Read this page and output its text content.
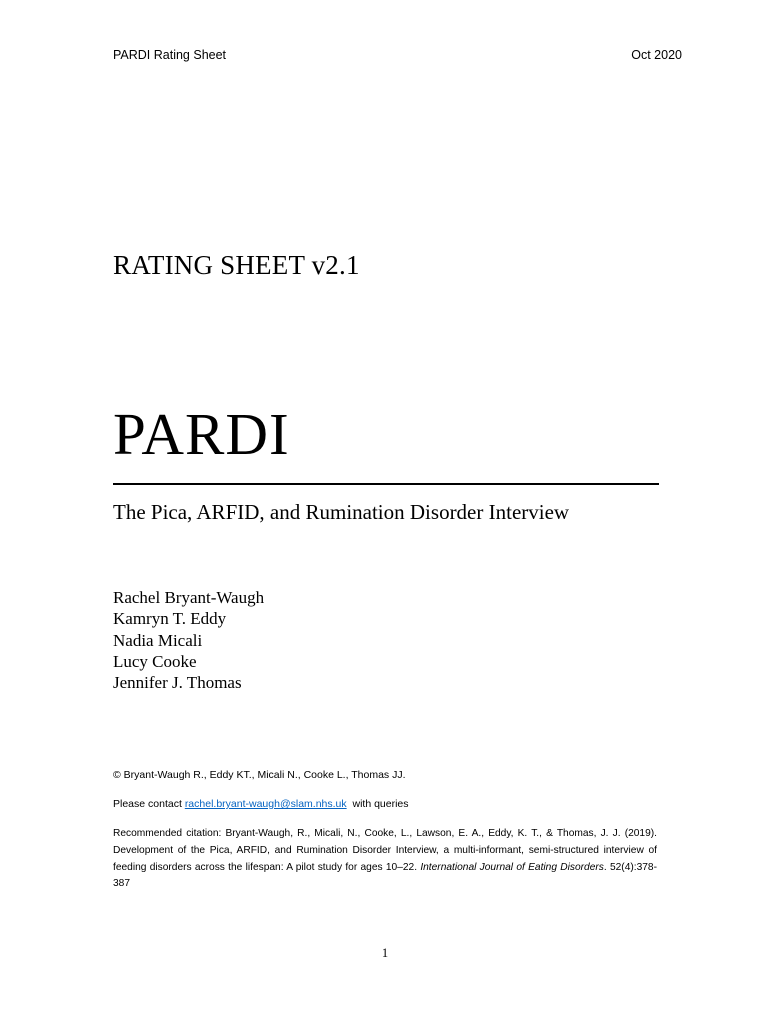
PARDI Rating Sheet	Oct 2020
RATING SHEET v2.1
PARDI
The Pica, ARFID, and Rumination Disorder Interview
Rachel Bryant-Waugh
Kamryn T. Eddy
Nadia Micali
Lucy Cooke
Jennifer J. Thomas
© Bryant-Waugh R., Eddy KT., Micali N., Cooke L., Thomas JJ.
Please contact rachel.bryant-waugh@slam.nhs.uk with queries
Recommended citation: Bryant-Waugh, R., Micali, N., Cooke, L., Lawson, E. A., Eddy, K. T., & Thomas, J. J. (2019). Development of the Pica, ARFID, and Rumination Disorder Interview, a multi-informant, semi-structured interview of feeding disorders across the lifespan: A pilot study for ages 10–22. International Journal of Eating Disorders. 52(4):378-387
1
